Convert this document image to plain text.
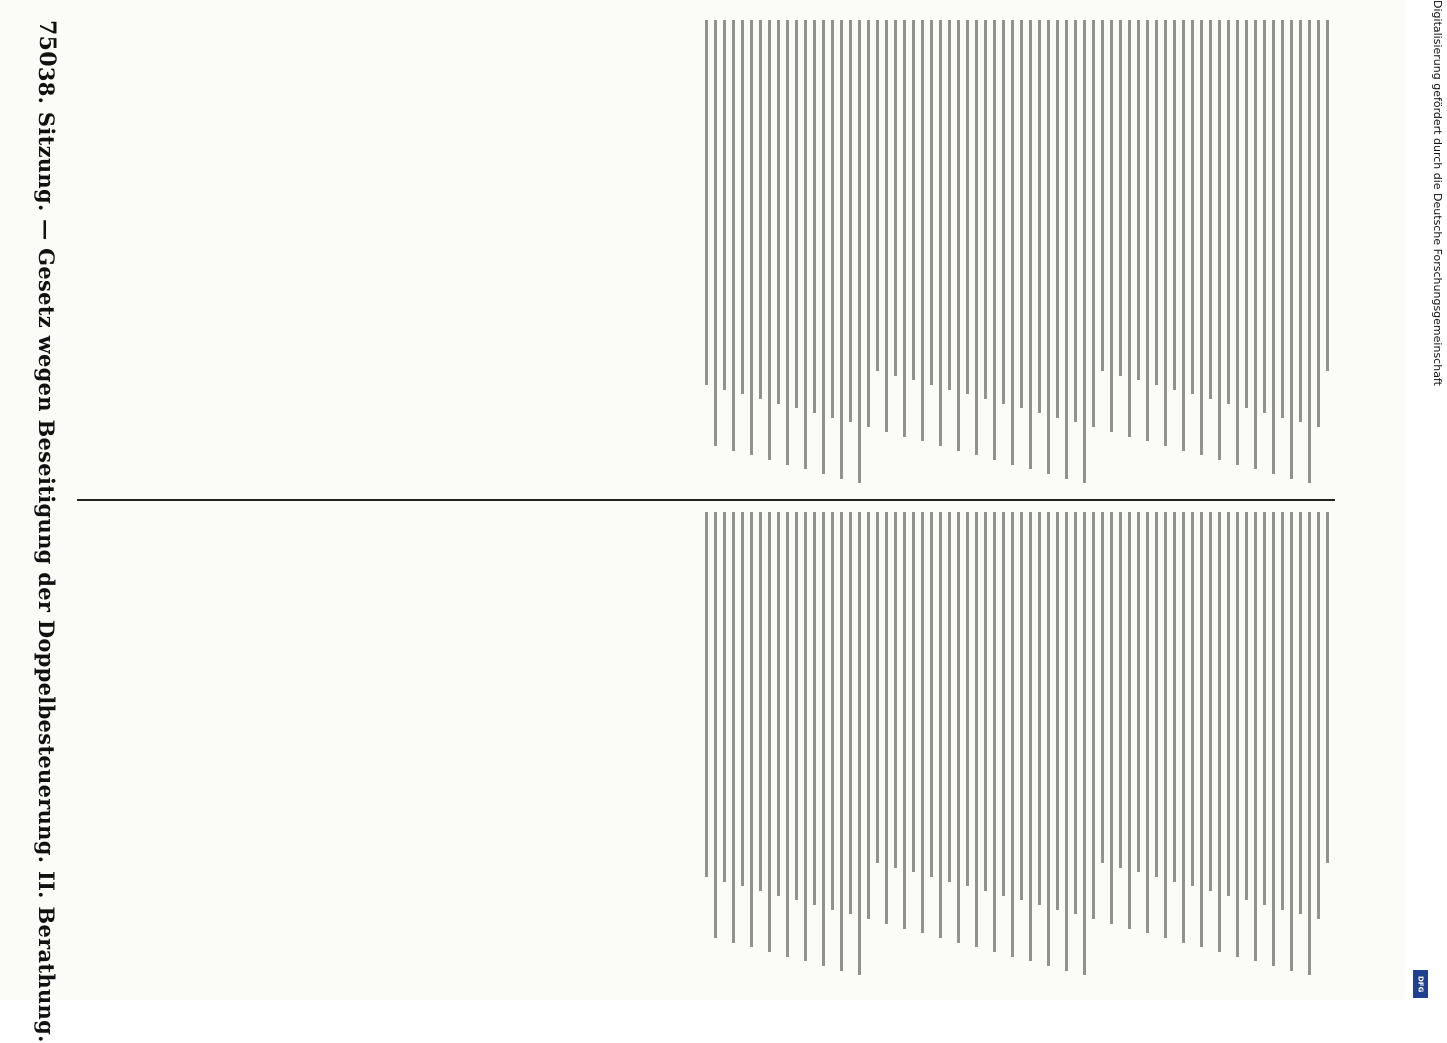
750
38. Sitzung. — Gesetz wegen Beseitigung der Doppelbesteuerung. II. Berathung.	Digitalisierung gefördert durch die Deutsche Forschungsgemeinschaft
DFG
